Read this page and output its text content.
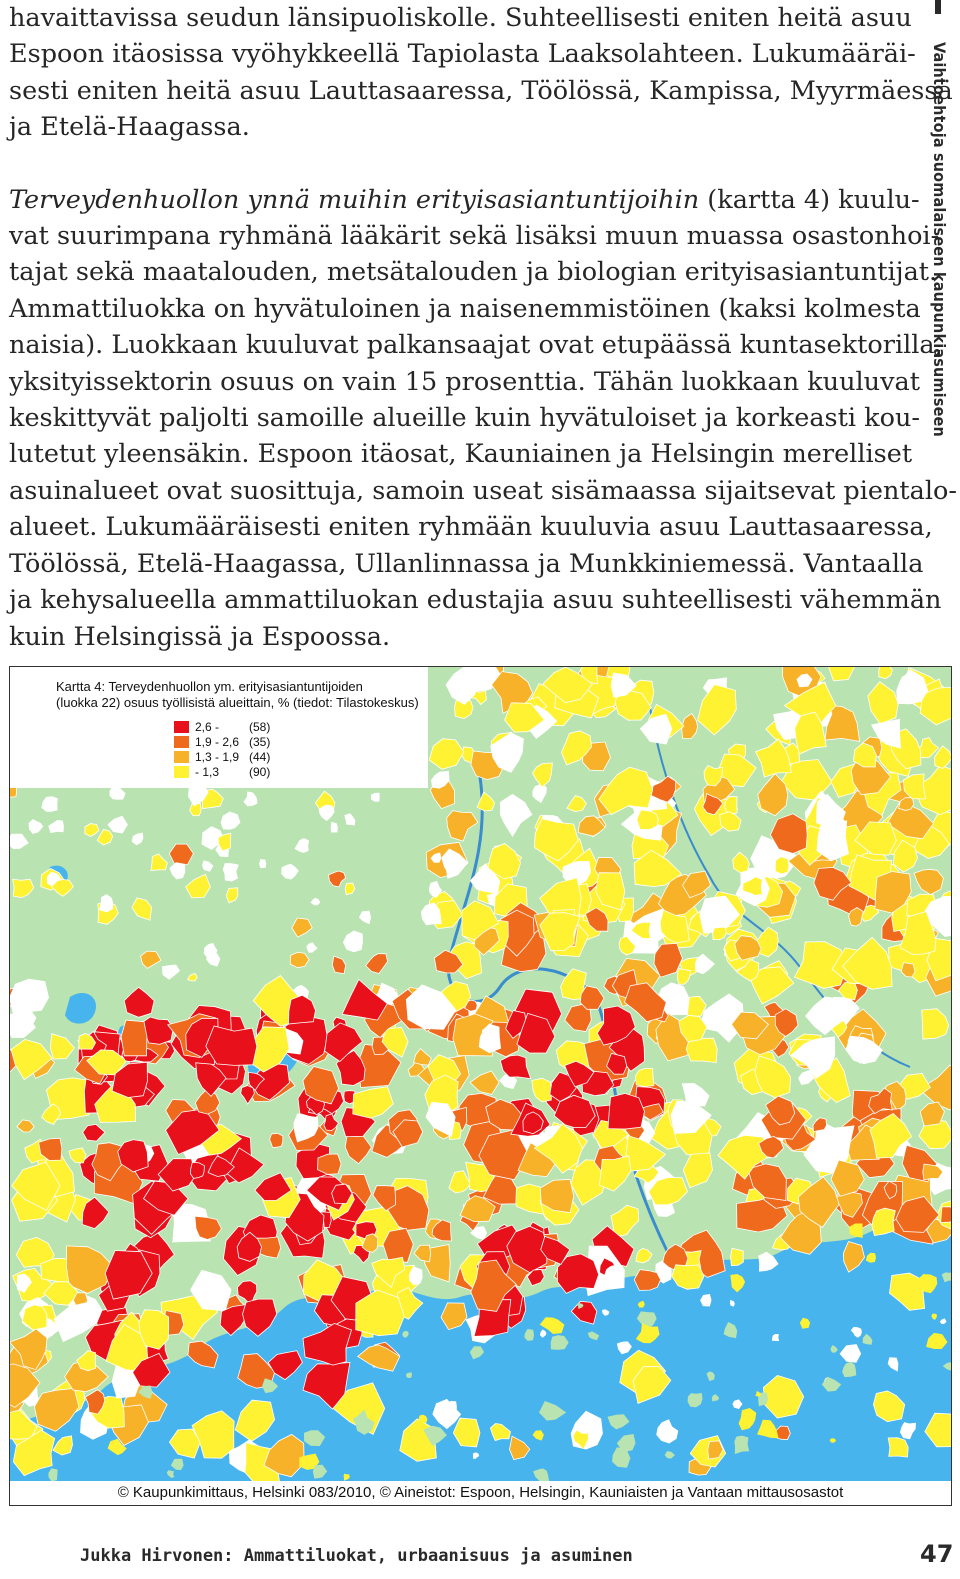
Vaihtoehtoja suomalaiseen kaupunkiasumiseen

havaittavissa seudun länsipuoliskolle. Suhteellisesti eniten heitä asuu
Espoon itäosissa vyöhykkeellä Tapiolasta Laaksolahteen. Lukumääräi-
sesti eniten heitä asuu Lauttasaaressa, Töölössä, Kampissa, Myyrmäessä
ja Etelä-Haagassa.

Terveydenhuollon ynnä muihin erityisasiantuntijoihin (kartta 4) kuulu-
vat suurimpana ryhmänä lääkärit sekä lisäksi muun muassa osastonhoi-
tajat sekä maatalouden, metsätalouden ja biologian erityisasiantuntijat.
Ammattiluokka on hyvätuloinen ja naisenemmistöinen (kaksi kolmesta
naisia). Luokkaan kuuluvat palkansaajat ovat etupäässä kuntasektorilla,
yksityissektorin osuus on vain 15 prosenttia. Tähän luokkaan kuuluvat
keskittyvät paljolti samoille alueille kuin hyvätuloiset ja korkeasti kou-
lutetut yleensäkin. Espoon itäosat, Kauniainen ja Helsingin merelliset
asuinalueet ovat suosittuja, samoin useat sisämaassa sijaitsevat pientalo-
alueet. Lukumääräisesti eniten ryhmään kuuluvia asuu Lauttasaaressa,
Töölössä, Etelä-Haagassa, Ullanlinnassa ja Munkkiniemessä. Vantaalla
ja kehysalueella ammattiluokan edustajia asuu suhteellisesti vähemmän
kuin Helsingissä ja Espoossa.

Kartta 4: Terveydenhuollon ym. erityisasiantuntijoiden
(luokka 22) osuus työllisistä alueittain, % (tiedot: Tilastokeskus)
2,6 - (58)
1,9 - 2,6 (35)
1,3 - 1,9 (44)
- 1,3 (90)
© Kaupunkimittaus, Helsinki 083/2010, © Aineistot: Espoon, Helsingin, Kauniaisten ja Vantaan mittausosastot
Jukka Hirvonen: Ammattiluokat, urbaanisuus ja asuminen	47
